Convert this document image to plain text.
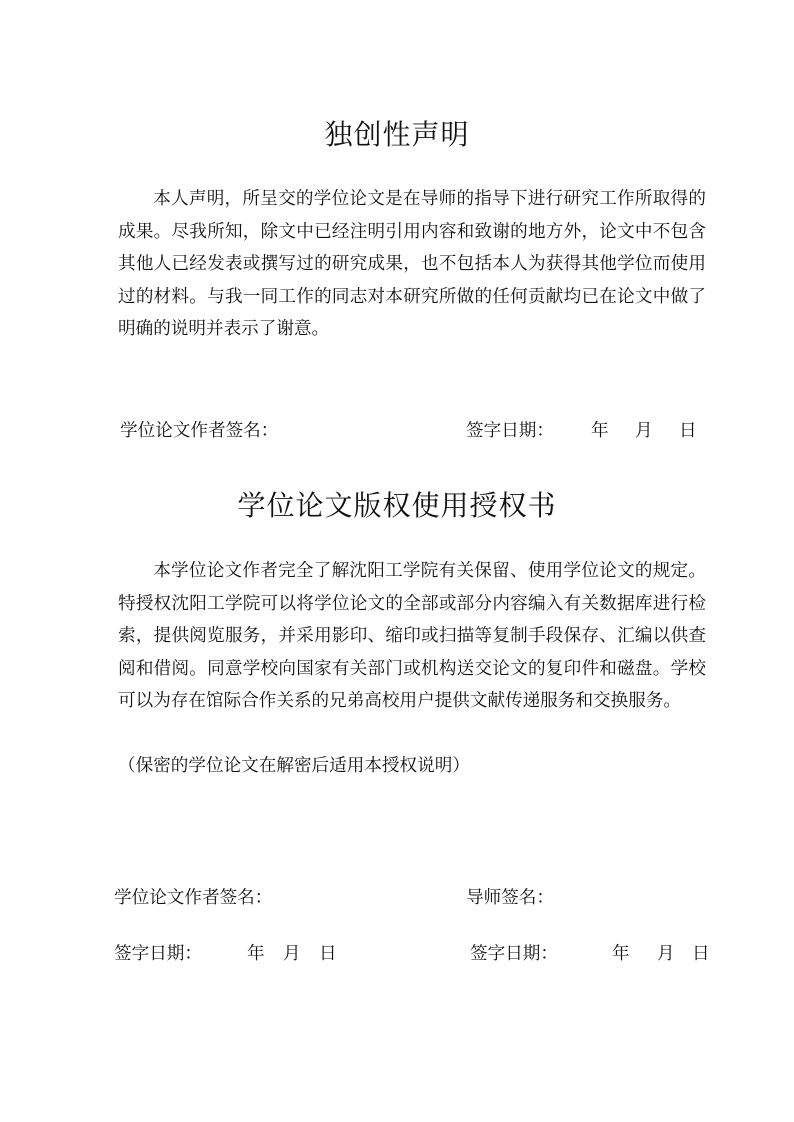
独创性声明

本人声明，所呈交的学位论文是在导师的指导下进行研究工作所取得的成果。尽我所知，除文中已经注明引用内容和致谢的地方外，论文中不包含其他人已经发表或撰写过的研究成果，也不包括本人为获得其他学位而使用过的材料。与我一同工作的同志对本研究所做的任何贡献均已在论文中做了明确的说明并表示了谢意。

学位论文作者签名：	签字日期： 年 月 日
学位论文版权使用授权书

本学位论文作者完全了解沈阳工学院有关保留、使用学位论文的规定。特授权沈阳工学院可以将学位论文的全部或部分内容编入有关数据库进行检索，提供阅览服务，并采用影印、缩印或扫描等复制手段保存、汇编以供查阅和借阅。同意学校向国家有关部门或机构送交论文的复印件和磁盘。学校可以为存在馆际合作关系的兄弟高校用户提供文献传递服务和交换服务。

（保密的学位论文在解密后适用本授权说明）

学位论文作者签名：	导师签名：
签字日期：	年 月 日	签字日期：	年 月 日
